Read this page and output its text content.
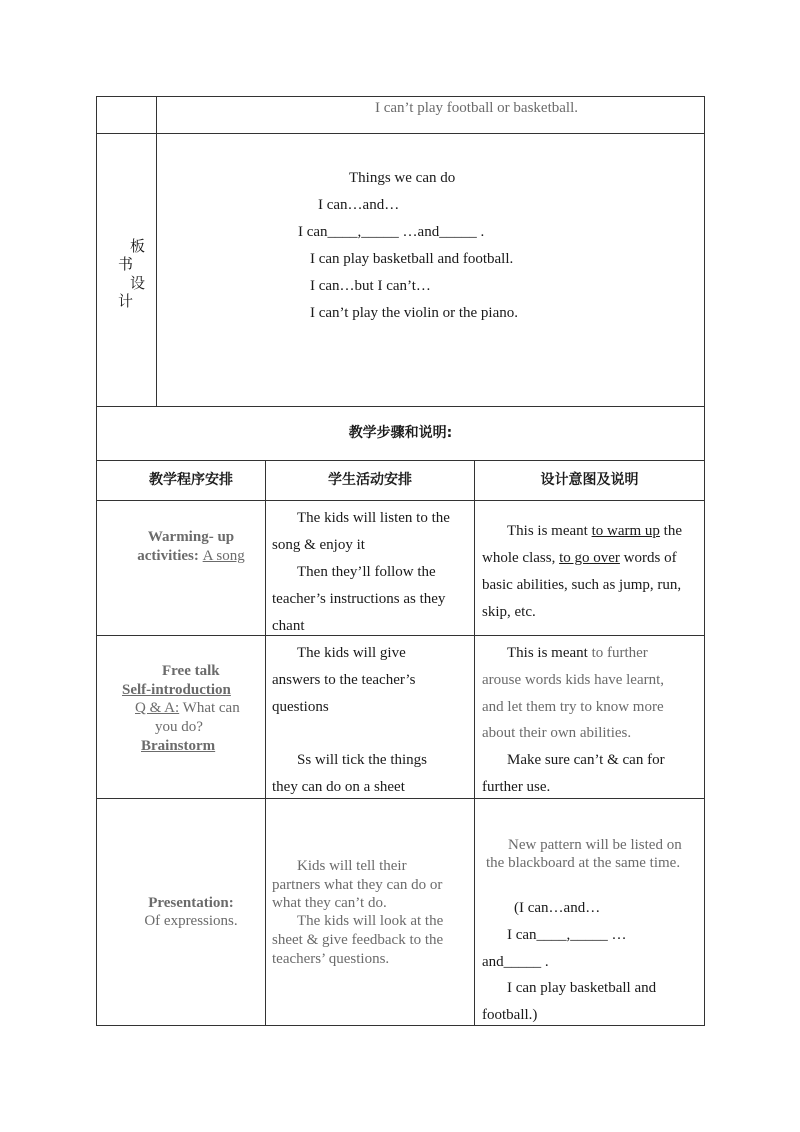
I can’t play football or basketball.
板
书
设
计
Things we can do
I can…and…
I can____,_____ …and_____ .
I can play basketball and football.
I can…but I can’t…
I can’t play the violin or the piano.
教学步骤和说明:
教学程序安排	学生活动安排	设计意图及说明
Warming- up
activities: A song
The kids will listen to the
song & enjoy it
Then they’ll follow the
teacher’s instructions as they
chant
This is meant to warm up the
whole class, to go over words of
basic abilities, such as jump, run,
skip, etc.
Free talk
Self-introduction
Q & A: What can
you do?
Brainstorm
The kids will give
answers to the teacher’s
questions
Ss will tick the things
they can do on a sheet
This is meant to further
arouse words kids have learnt,
and let them try to know more
about their own abilities.
Make sure can’t & can for
further use.
Presentation:
Of expressions.
Kids will tell their
partners what they can do or
what they can’t do.
The kids will look at the
sheet & give feedback to the
teachers’ questions.
New pattern will be listed on
the blackboard at the same time.
(I can…and…
I can____,_____ …
and_____ .
I can play basketball and
football.)
